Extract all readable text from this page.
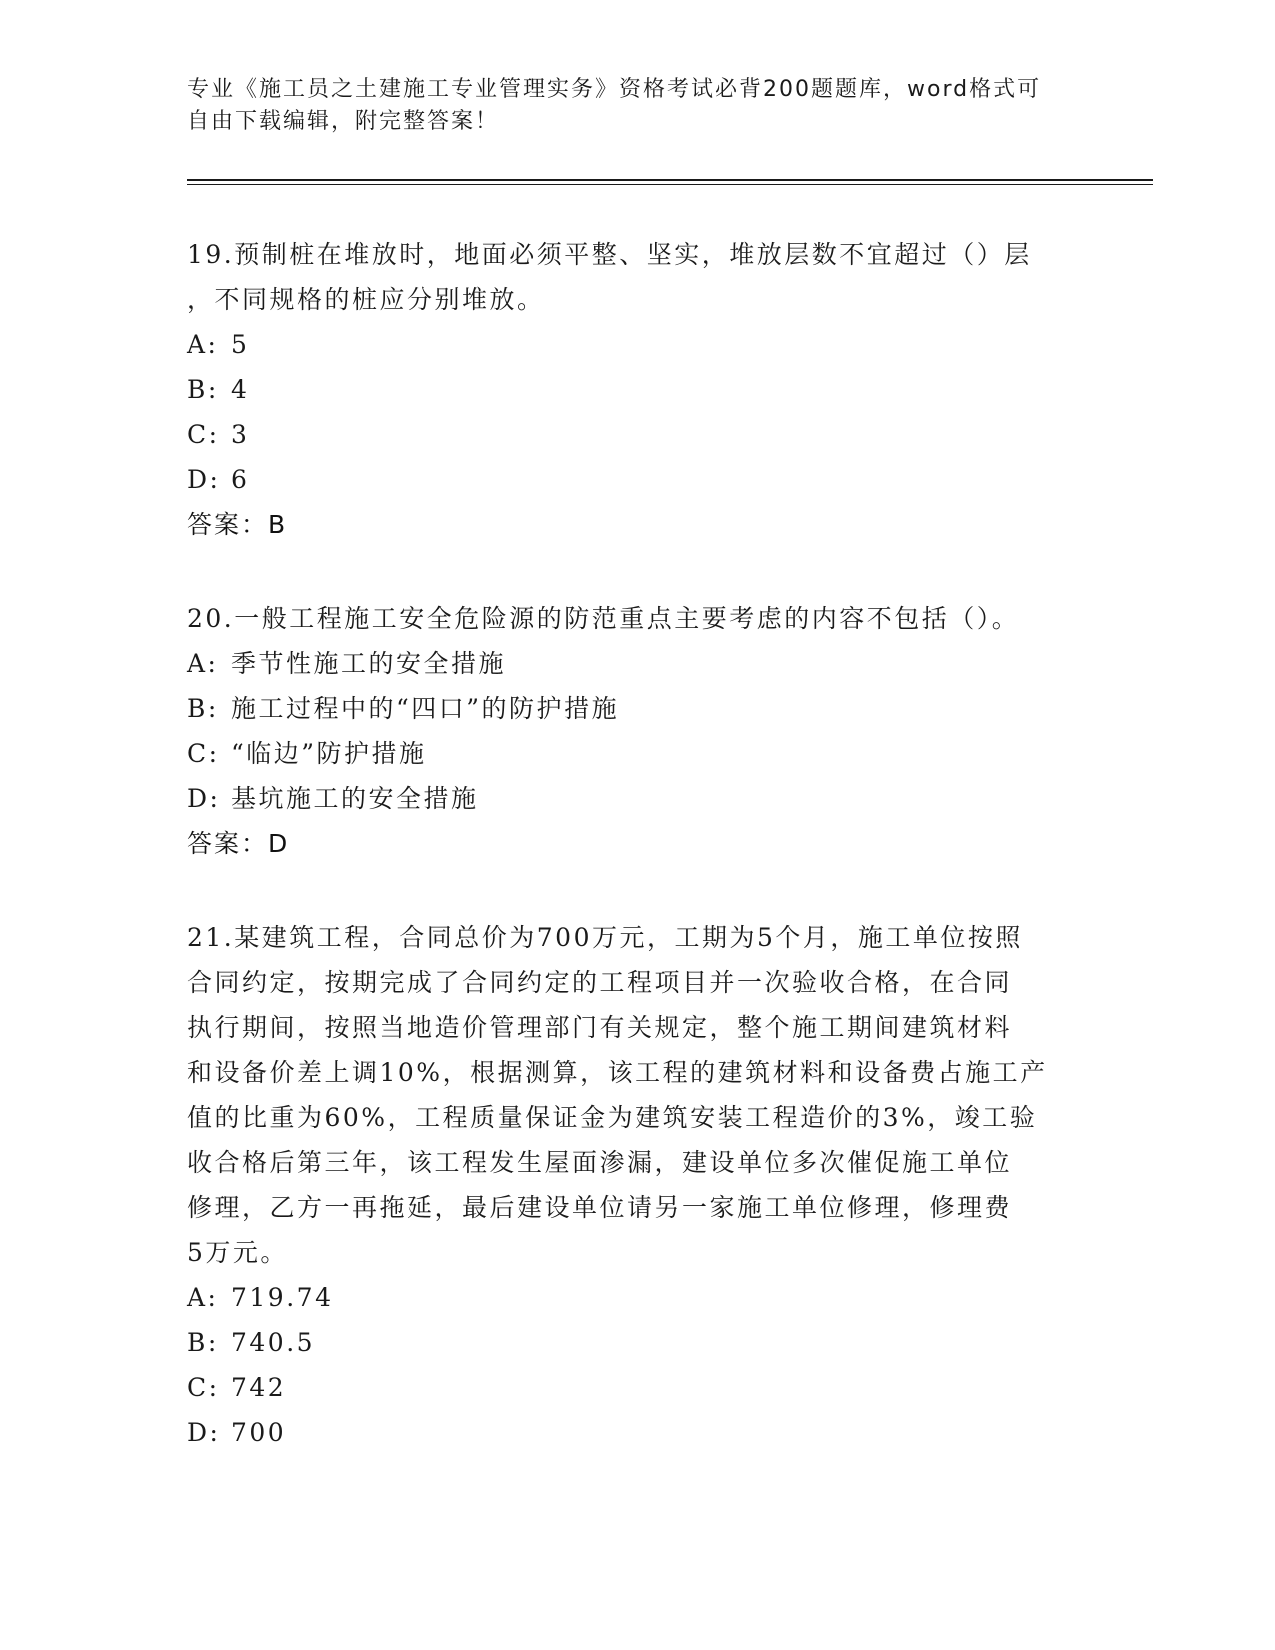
专业《施工员之土建施工专业管理实务》资格考试必背200题题库，word格式可
自由下载编辑，附完整答案！
19.预制桩在堆放时，地面必须平整、坚实，堆放层数不宜超过（）层
，不同规格的桩应分别堆放。
A: 5
B: 4
C: 3
D: 6
答案：B
20.一般工程施工安全危险源的防范重点主要考虑的内容不包括（）。
A: 季节性施工的安全措施
B: 施工过程中的“四口”的防护措施
C: “临边”防护措施
D: 基坑施工的安全措施
答案：D
21.某建筑工程，合同总价为700万元，工期为5个月，施工单位按照
合同约定，按期完成了合同约定的工程项目并一次验收合格，在合同
执行期间，按照当地造价管理部门有关规定，整个施工期间建筑材料
和设备价差上调10%，根据测算，该工程的建筑材料和设备费占施工产
值的比重为60%，工程质量保证金为建筑安装工程造价的3%，竣工验
收合格后第三年，该工程发生屋面渗漏，建设单位多次催促施工单位
修理，乙方一再拖延，最后建设单位请另一家施工单位修理，修理费
5万元。
A: 719.74
B: 740.5
C: 742
D: 700
